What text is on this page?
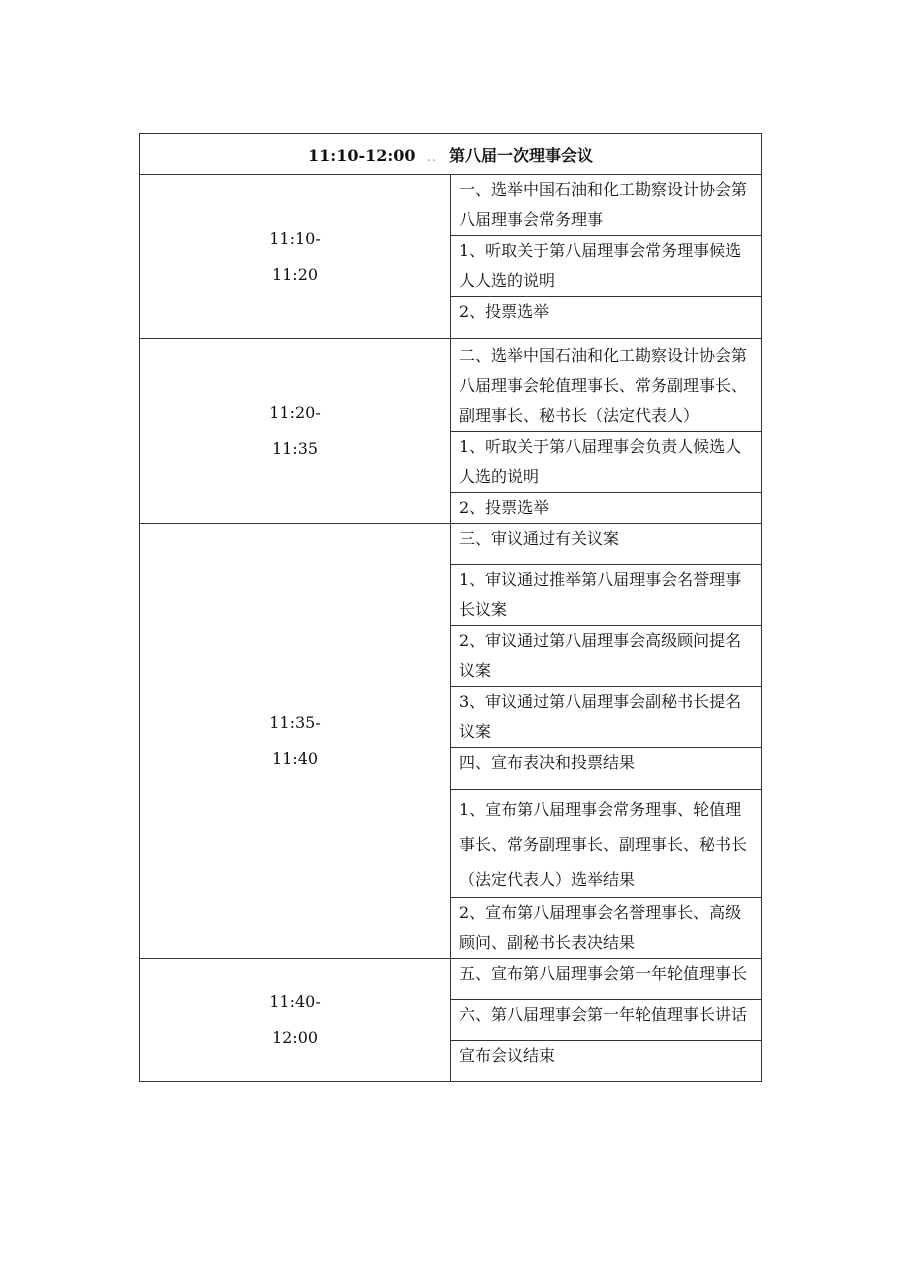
11:10-12:00 .. 第八届一次理事会议	

11:10-
11:20	一、选举中国石油和化工勘察设计协会第八届理事会常务理事
	1、听取关于第八届理事会常务理事候选人人选的说明
	2、投票选举

11:20-
11:35	二、选举中国石油和化工勘察设计协会第八届理事会轮值理事长、常务副理事长、副理事长、秘书长（法定代表人）
	1、听取关于第八届理事会负责人候选人人选的说明
	2、投票选举

11:35-
11:40	三、审议通过有关议案
	1、审议通过推举第八届理事会名誉理事长议案
	2、审议通过第八届理事会高级顾问提名议案
	3、审议通过第八届理事会副秘书长提名议案
	四、宣布表决和投票结果
	1、宣布第八届理事会常务理事、轮值理事长、常务副理事长、副理事长、秘书长（法定代表人）选举结果
	2、宣布第八届理事会名誉理事长、高级顾问、副秘书长表决结果

11:40-
12:00	五、宣布第八届理事会第一年轮值理事长
	六、第八届理事会第一年轮值理事长讲话
	宣布会议结束
